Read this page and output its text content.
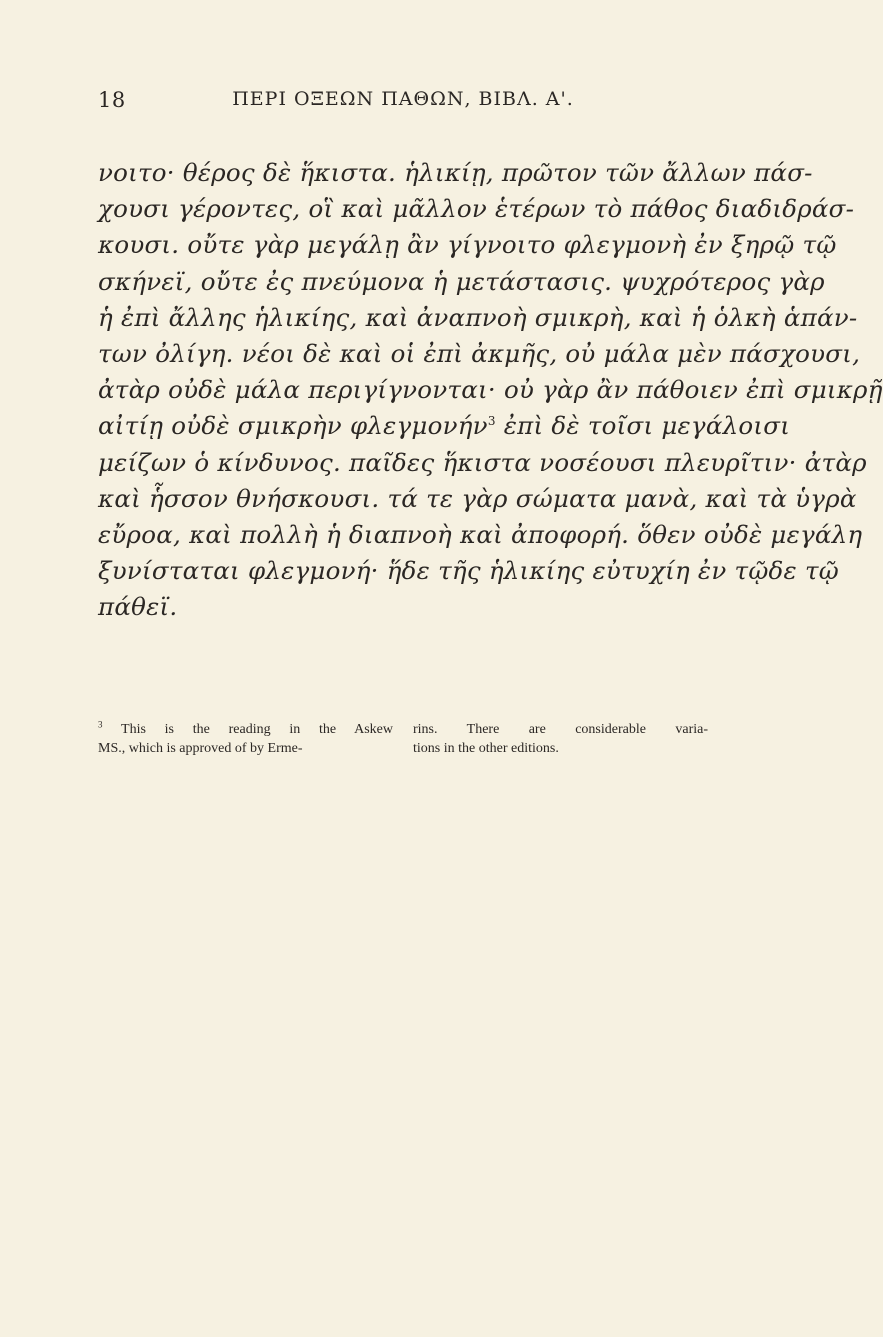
18	ΠΕΡΙ ΟΞΕΩΝ ΠΑΘΩΝ, ΒΙΒΛ. Α'.
νοιτο· θέρος δὲ ἥκιστα. ἡλικίῃ, πρῶτον τῶν ἄλλων πάσ-
χουσι γέροντες, οἳ καὶ μᾶλλον ἑτέρων τὸ πάθος διαδιδράσ-
κουσι. οὔτε γὰρ μεγάλῃ ἂν γίγνοιτο φλεγμονὴ ἐν ξηρῷ τῷ
σκήνεϊ, οὔτε ἐς πνεύμονα ἡ μετάστασις. ψυχρότερος γὰρ
ἡ ἐπὶ ἄλλης ἡλικίης, καὶ ἀναπνοὴ σμικρὴ, καὶ ἡ ὁλκὴ ἁπάν-
των ὀλίγη. νέοι δὲ καὶ οἱ ἐπὶ ἀκμῆς, οὐ μάλα μὲν πάσχουσι,
ἀτὰρ οὐδὲ μάλα περιγίγνονται· οὐ γὰρ ἂν πάθοιεν ἐπὶ σμικρῇ
αἰτίῃ οὐδὲ σμικρὴν φλεγμονήν$^3$ ἐπὶ δὲ τοῖσι μεγάλοισι
μείζων ὁ κίνδυνος. παῖδες ἥκιστα νοσέουσι πλευρῖτιν· ἀτὰρ
καὶ ἧσσον θνήσκουσι. τά τε γὰρ σώματα μανὰ, καὶ τὰ ὑγρὰ
εὔροα, καὶ πολλὴ ἡ διαπνοὴ καὶ ἀποφορή. ὅθεν οὐδὲ μεγάλη
ξυνίσταται φλεγμονή· ἥδε τῆς ἡλικίης εὐτυχίη ἐν τῷδε τῷ
πάθεϊ.
$^3$ This is the reading in the Askew
MS., which is approved of by Erme-
rins. There are considerable varia-
tions in the other editions.
